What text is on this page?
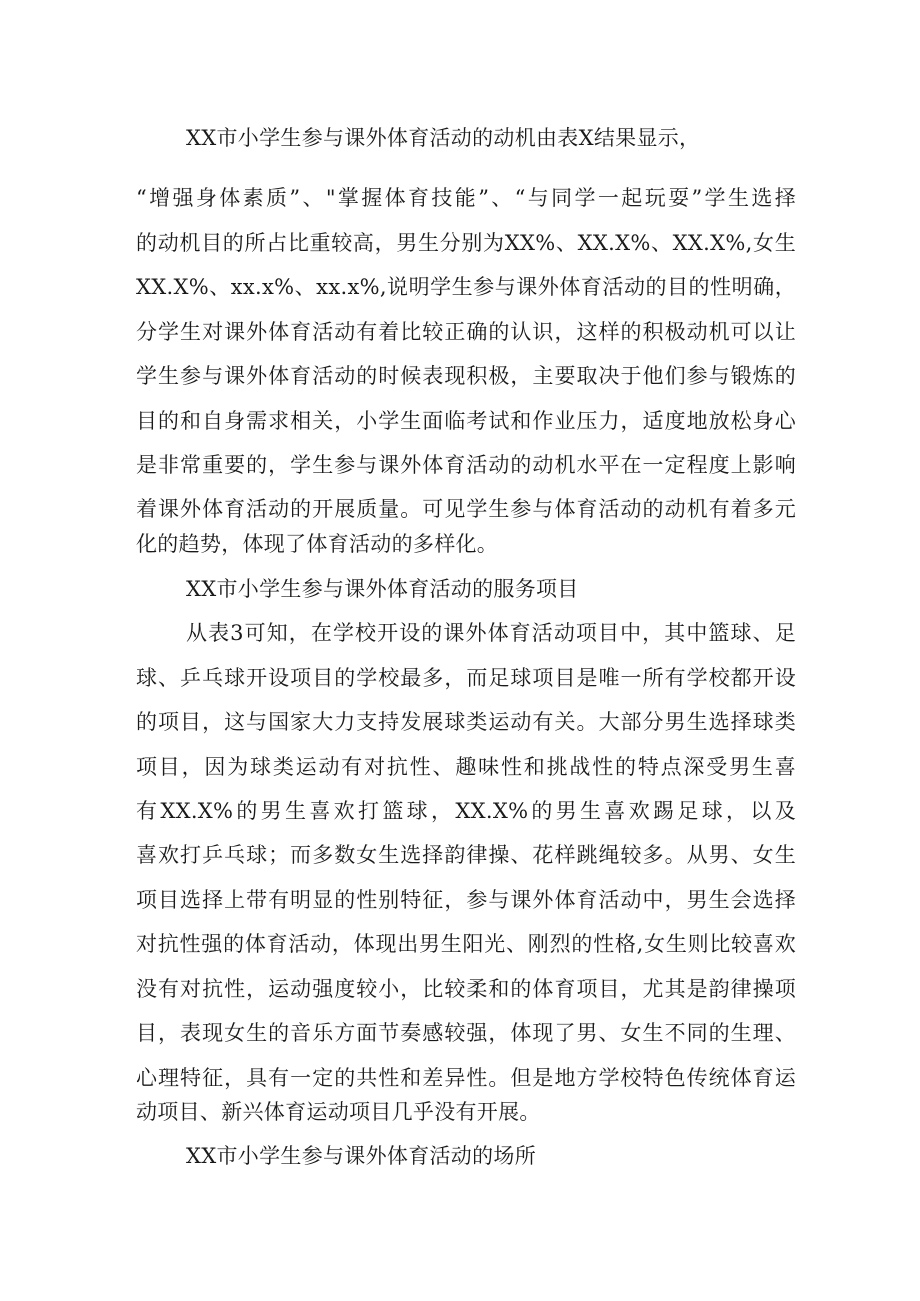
XX市小学生参与课外体育活动的动机由表X结果显示，

“增强身体素质”、"掌握体育技能”、“与同学一起玩耍”学生选择

的动机目的所占比重较高，男生分别为XX%、XX.X%、XX.X%,女生

XX.X%、xx.x%、xx.x%,说明学生参与课外体育活动的目的性明确，

分学生对课外体育活动有着比较正确的认识，这样的积极动机可以让

学生参与课外体育活动的时候表现积极，主要取决于他们参与锻炼的

目的和自身需求相关，小学生面临考试和作业压力，适度地放松身心

是非常重要的，学生参与课外体育活动的动机水平在一定程度上影响

着课外体育活动的开展质量。可见学生参与体育活动的动机有着多元

化的趋势，体现了体育活动的多样化。

XX市小学生参与课外体育活动的服务项目

从表3可知，在学校开设的课外体育活动项目中，其中篮球、足

球、乒乓球开设项目的学校最多，而足球项目是唯一所有学校都开设

的项目，这与国家大力支持发展球类运动有关。大部分男生选择球类

项目，因为球类运动有对抗性、趣味性和挑战性的特点深受男生喜

有XX.X%的男生喜欢打篮球，XX.X%的男生喜欢踢足球，以及

喜欢打乒乓球；而多数女生选择韵律操、花样跳绳较多。从男、女生

项目选择上带有明显的性别特征，参与课外体育活动中，男生会选择

对抗性强的体育活动，体现出男生阳光、刚烈的性格,女生则比较喜欢

没有对抗性，运动强度较小，比较柔和的体育项目，尤其是韵律操项

目，表现女生的音乐方面节奏感较强，体现了男、女生不同的生理、

心理特征，具有一定的共性和差异性。但是地方学校特色传统体育运

动项目、新兴体育运动项目几乎没有开展。

XX市小学生参与课外体育活动的场所
